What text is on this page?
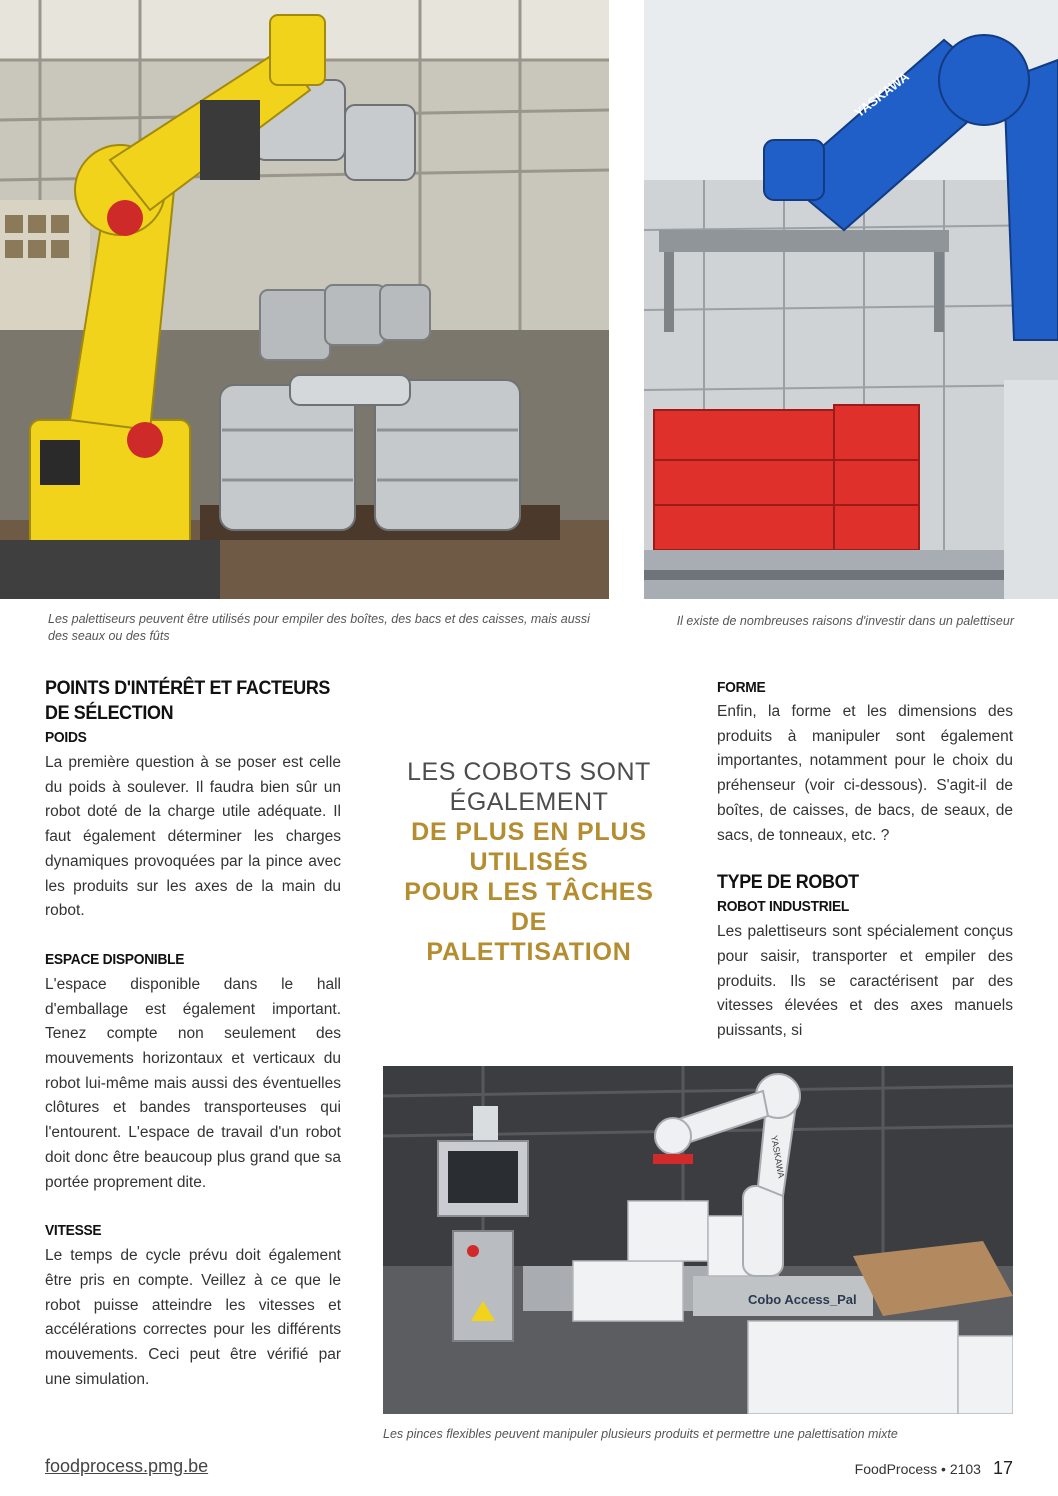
YASKAWA
Les palettiseurs peuvent être utilisés pour empiler des boîtes, des bacs et des caisses, mais aussi des seaux ou des fûts
Il existe de nombreuses raisons d'investir dans un palettiseur
POINTS D'INTÉRÊT ET FACTEURS
DE SÉLECTION
POIDS

La première question à se poser est celle du poids à soulever. Il faudra bien sûr un robot doté de la charge utile adéquate. Il faut également déterminer les charges dynamiques provoquées par la pince avec les produits sur les axes de la main du robot.

ESPACE DISPONIBLE

L'espace disponible dans le hall d'emballage est également important. Tenez compte non seulement des mouvements horizontaux et verticaux du robot lui-même mais aussi des éventuelles clôtures et bandes transporteuses qui l'entourent. L'espace de travail d'un robot doit donc être beaucoup plus grand que sa portée proprement dite.

VITESSE

Le temps de cycle prévu doit également être pris en compte. Veillez à ce que le robot puisse atteindre les vitesses et accélérations correctes pour les différents mouvements. Ceci peut être vérifié par une simulation.

LES COBOTS SONT
ÉGALEMENT
DE PLUS EN PLUS
UTILISÉS
POUR LES TÂCHES DE
PALETTISATION
FORME

Enfin, la forme et les dimensions des produits à manipuler sont également importantes, notamment pour le choix du préhenseur (voir ci-dessous). S'agit-il de boîtes, de caisses, de bacs, de seaux, de sacs, de tonneaux, etc. ?

TYPE DE ROBOT
ROBOT INDUSTRIEL

Les palettiseurs sont spécialement conçus pour saisir, transporter et empiler des produits. Ils se caractérisent par des vitesses élevées et des axes manuels puissants, si

Cobo Access_Pal
YASKAWA
Les pinces flexibles peuvent manipuler plusieurs produits et permettre une palettisation mixte
foodprocess.pmg.be	FoodProcess • 2103 17
